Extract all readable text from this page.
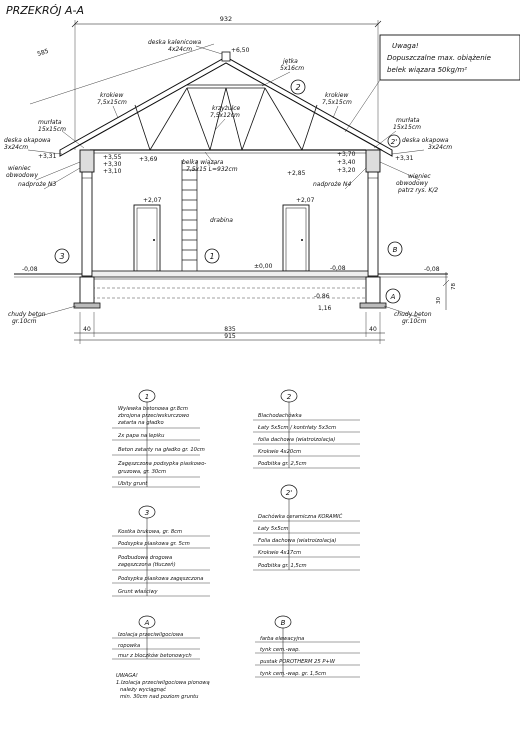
PRZEKRÓJ A-A
932
585
78
30
40	835	40
915
+6,50
+3,55
+3,30
+3,10
+3,31	+3,69
+3,70
+3,40
+3,20
+3,31
+2,85
+2,07	+2,07
±0,00
-0,08	-0,08	-0,08
-0,86
1,16
deska kalenicowa
4x24cm
jętka
5x16cm
krokiew
7,5x15cm
krokiew
7,5x15cm
krzyżulce
7,5x12cm
murłata
15x15cm
murłata
15x15cm
deska okapowa
3x24cm
deska okapowa
3x24cm
wieniec
obwodowy
nadproże N3
wieniec
obwodowy
patrz rys. K/2
nadproże N4
belka wiązara
7,5x15 L=932cm
drabina
chudy beton
gr.10cm
chudy beton
gr.10cm
Uwaga!
Dopuszczalne max. obiążenie
belek wiązara 50kg/m²
2
2'
3	1
B
A
1
Wylewka betonowa gr.8cm
zbrojona przeciwskurczowo
zatarta na gładko
2x papa na lepiku
Beton zatarty na gładko gr. 10cm
Zagęszczona podsypka piaskowo-
gruzowa, gr. 30cm
Ubity grunt
2
Blachodachówka
Łaty 5x5cm / kontrłaty 5x3cm
folia dachowa (wiatroizolacja)
Krokwie 4x20cm
Podbitka gr. 2,5cm
2'
Dachówka ceramiczna KORAMIĆ
Łaty 5x5cm
Folia dachowa (wiatroizolacja)
Krokwie 4x17cm
Podbitka gr. 1,5cm
3
Kostka brukowa, gr. 8cm
Podsypka piaskowa gr. 5cm
Podbudowa drogowa
zagęszczona (tłuczeń)
Podsypka piaskowa zagęszczona
Grunt właściwy
A
Izolacja przeciwilgociowa
ropowka
mur z bloczków betonowych
UWAGA!
1.Izolacja przeciwilgociowa pionową
należy wyciągnąć
min. 30cm nad poziom gruntu
B
farba elewacyjna
tynk cem.-wap.
pustak POROTHERM 25 P+W
tynk cem.-wap. gr. 1,5cm
